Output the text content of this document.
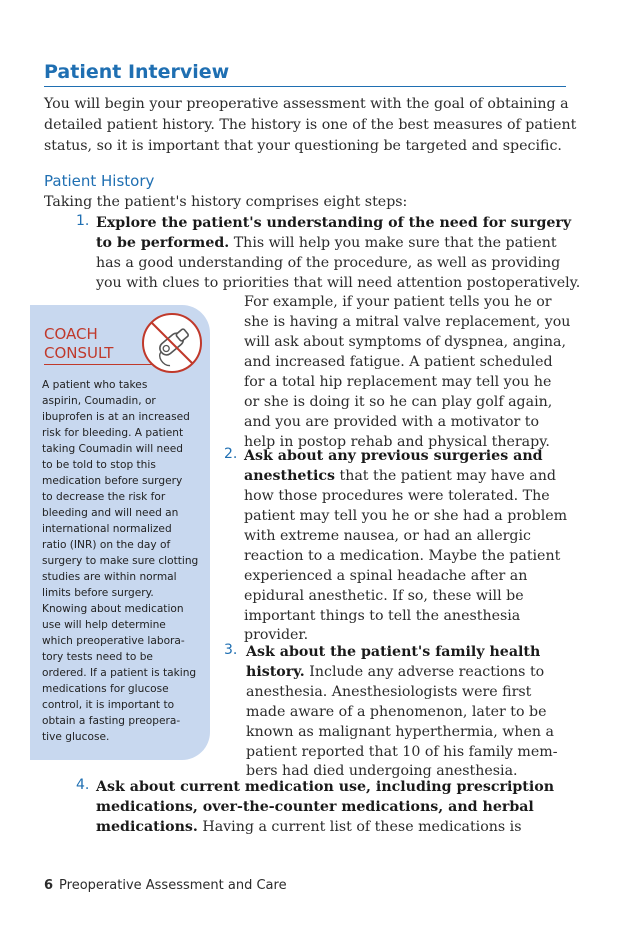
Patient Interview
You will begin your preoperative assessment with the goal of obtaining a
detailed patient history. The history is one of the best measures of patient
status, so it is important that your questioning be targeted and specific.
Patient History
Taking the patient's history comprises eight steps:
1. Explore the patient's understanding of the need for surgery
to be performed. This will help you make sure that the patient
has a good understanding of the procedure, as well as providing
you with clues to priorities that will need attention postoperatively.
For example, if your patient tells you he or
she is having a mitral valve replacement, you
will ask about symptoms of dyspnea, angina,
and increased fatigue. A patient scheduled
for a total hip replacement may tell you he
or she is doing it so he can play golf again,
and you are provided with a motivator to
help in postop rehab and physical therapy.
2. Ask about any previous surgeries and
anesthetics that the patient may have and
how those procedures were tolerated. The
patient may tell you he or she had a problem
with extreme nausea, or had an allergic
reaction to a medication. Maybe the patient
experienced a spinal headache after an
epidural anesthetic. If so, these will be
important things to tell the anesthesia
provider.
3. Ask about the patient's family health
history. Include any adverse reactions to
anesthesia. Anesthesiologists were first
made aware of a phenomenon, later to be
known as malignant hyperthermia, when a
patient reported that 10 of his family mem-
bers had died undergoing anesthesia.
4. Ask about current medication use, including prescription
medications, over-the-counter medications, and herbal
medications. Having a current list of these medications is
COACH
CONSULT
A patient who takes
aspirin, Coumadin, or
ibuprofen is at an increased
risk for bleeding. A patient
taking Coumadin will need
to be told to stop this
medication before surgery
to decrease the risk for
bleeding and will need an
international normalized
ratio (INR) on the day of
surgery to make sure clotting
studies are within normal
limits before surgery.
Knowing about medication
use will help determine
which preoperative labora-
tory tests need to be
ordered. If a patient is taking
medications for glucose
control, it is important to
obtain a fasting preopera-
tive glucose.
6 Preoperative Assessment and Care
